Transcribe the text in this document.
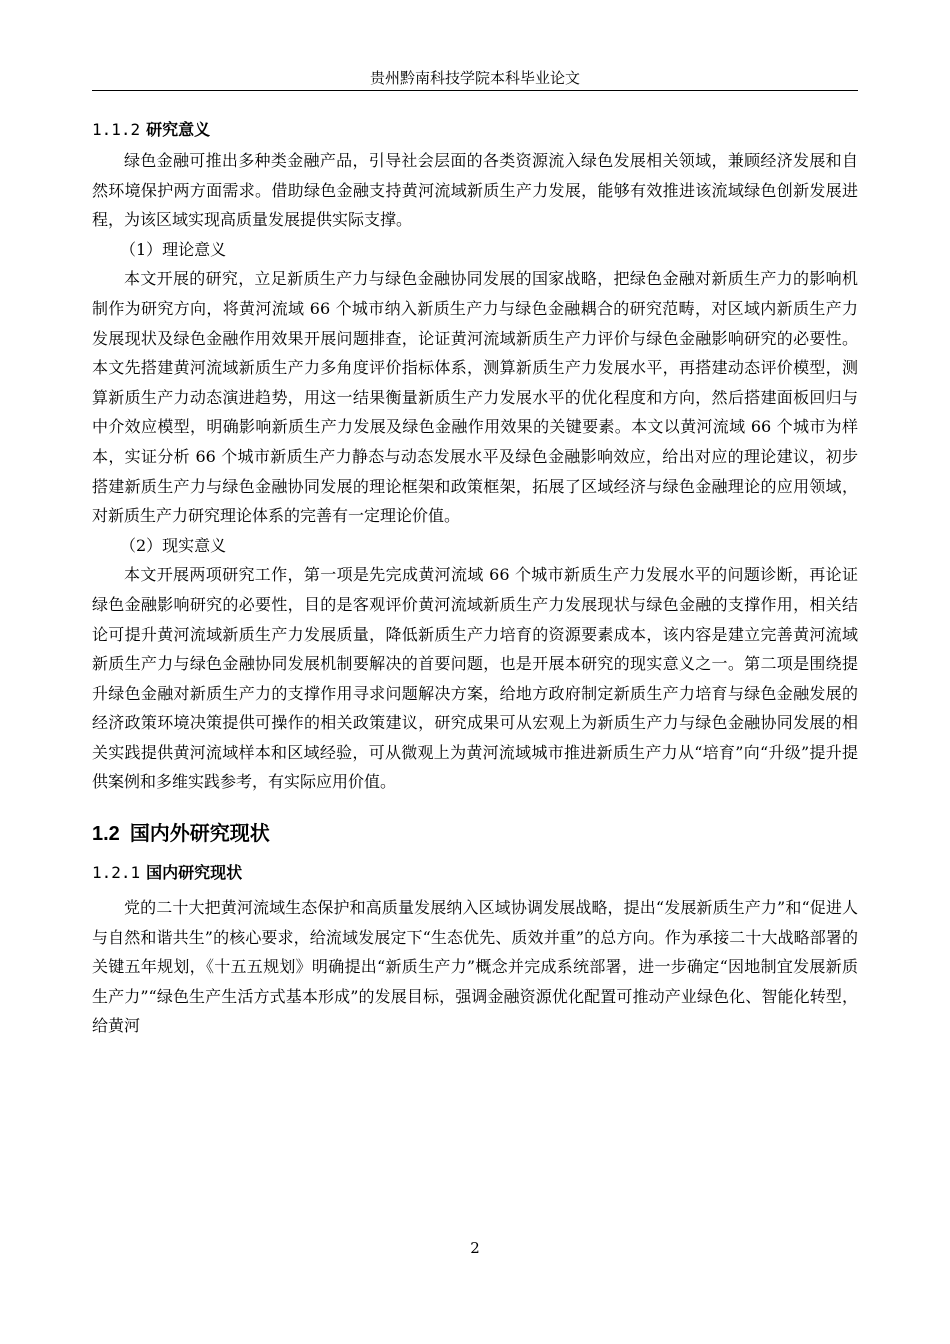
贵州黔南科技学院本科毕业论文
1.1.2 研究意义

绿色金融可推出多种类金融产品，引导社会层面的各类资源流入绿色发展相关领域，兼顾经济发展和自然环境保护两方面需求。借助绿色金融支持黄河流域新质生产力发展，能够有效推进该流域绿色创新发展进程，为该区域实现高质量发展提供实际支撑。

（1）理论意义

本文开展的研究，立足新质生产力与绿色金融协同发展的国家战略，把绿色金融对新质生产力的影响机制作为研究方向，将黄河流域 66 个城市纳入新质生产力与绿色金融耦合的研究范畴，对区域内新质生产力发展现状及绿色金融作用效果开展问题排查，论证黄河流域新质生产力评价与绿色金融影响研究的必要性。本文先搭建黄河流域新质生产力多角度评价指标体系，测算新质生产力发展水平，再搭建动态评价模型，测算新质生产力动态演进趋势，用这一结果衡量新质生产力发展水平的优化程度和方向，然后搭建面板回归与中介效应模型，明确影响新质生产力发展及绿色金融作用效果的关键要素。本文以黄河流域 66 个城市为样本，实证分析 66 个城市新质生产力静态与动态发展水平及绿色金融影响效应，给出对应的理论建议，初步搭建新质生产力与绿色金融协同发展的理论框架和政策框架，拓展了区域经济与绿色金融理论的应用领域，对新质生产力研究理论体系的完善有一定理论价值。

（2）现实意义

本文开展两项研究工作，第一项是先完成黄河流域 66 个城市新质生产力发展水平的问题诊断，再论证绿色金融影响研究的必要性，目的是客观评价黄河流域新质生产力发展现状与绿色金融的支撑作用，相关结论可提升黄河流域新质生产力发展质量，降低新质生产力培育的资源要素成本，该内容是建立完善黄河流域新质生产力与绿色金融协同发展机制要解决的首要问题，也是开展本研究的现实意义之一。第二项是围绕提升绿色金融对新质生产力的支撑作用寻求问题解决方案，给地方政府制定新质生产力培育与绿色金融发展的经济政策环境决策提供可操作的相关政策建议，研究成果可从宏观上为新质生产力与绿色金融协同发展的相关实践提供黄河流域样本和区域经验，可从微观上为黄河流域城市推进新质生产力从“培育”向“升级”提升提供案例和多维实践参考，有实际应用价值。

1.2 国内外研究现状
1.2.1 国内研究现状

党的二十大把黄河流域生态保护和高质量发展纳入区域协调发展战略，提出“发展新质生产力”和“促进人与自然和谐共生”的核心要求，给流域发展定下“生态优先、质效并重”的总方向。作为承接二十大战略部署的关键五年规划，《十五五规划》明确提出“新质生产力”概念并完成系统部署，进一步确定“因地制宜发展新质生产力”“绿色生产生活方式基本形成”的发展目标，强调金融资源优化配置可推动产业绿色化、智能化转型，给黄河

2
